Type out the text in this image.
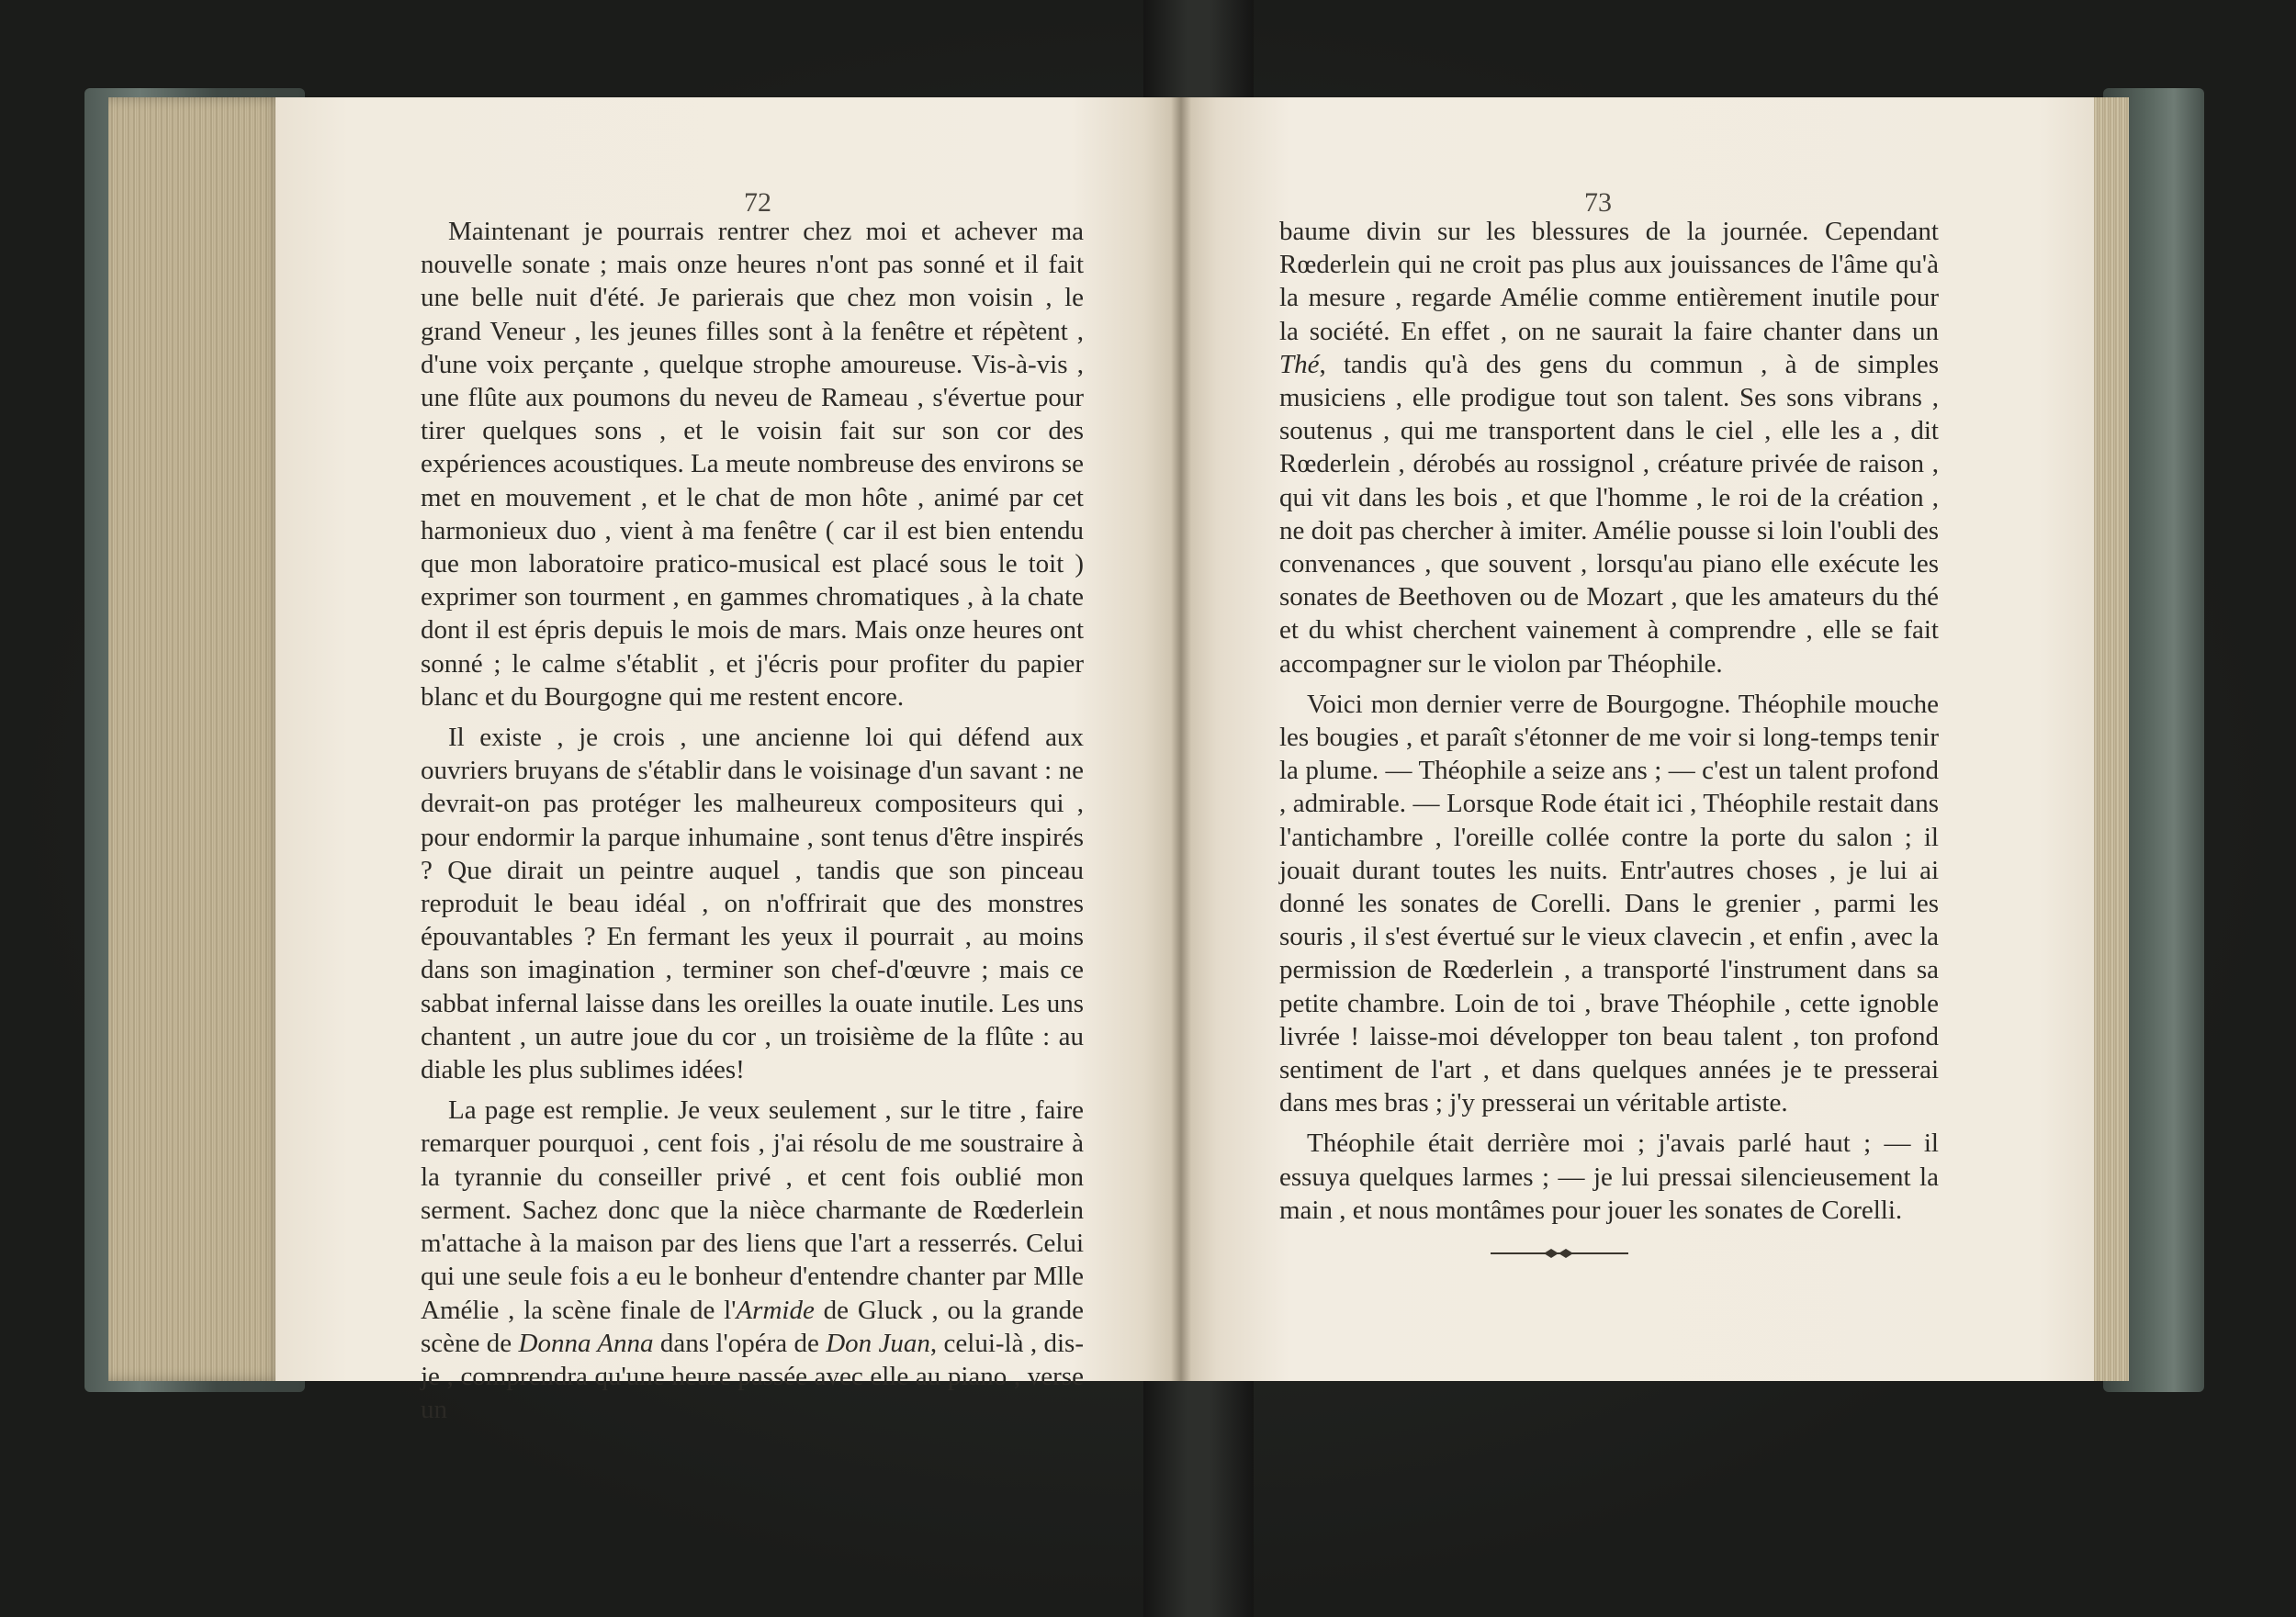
72

Maintenant je pourrais rentrer chez moi et achever ma nouvelle sonate ; mais onze heures n'ont pas sonné et il fait une belle nuit d'été. Je parierais que chez mon voisin , le grand Veneur , les jeunes filles sont à la fenêtre et répètent , d'une voix perçante , quelque strophe amoureuse. Vis-à-vis , une flûte aux poumons du neveu de Rameau , s'évertue pour tirer quelques sons , et le voisin fait sur son cor des expériences acoustiques. La meute nombreuse des environs se met en mouvement , et le chat de mon hôte , animé par cet harmonieux duo , vient à ma fenêtre ( car il est bien entendu que mon laboratoire pratico-musical est placé sous le toit ) exprimer son tourment , en gammes chromatiques , à la chate dont il est épris depuis le mois de mars. Mais onze heures ont sonné ; le calme s'établit , et j'écris pour profiter du papier blanc et du Bourgogne qui me restent encore.

Il existe , je crois , une ancienne loi qui défend aux ouvriers bruyans de s'établir dans le voisinage d'un savant : ne devrait-on pas protéger les malheureux compositeurs qui , pour endormir la parque inhumaine , sont tenus d'être inspirés ? Que dirait un peintre auquel , tandis que son pinceau reproduit le beau idéal , on n'offrirait que des monstres épouvantables ? En fermant les yeux il pourrait , au moins dans son imagination , terminer son chef-d'œuvre ; mais ce sabbat infernal laisse dans les oreilles la ouate inutile. Les uns chantent , un autre joue du cor , un troisième de la flûte : au diable les plus sublimes idées!

La page est remplie. Je veux seulement , sur le titre , faire remarquer pourquoi , cent fois , j'ai résolu de me soustraire à la tyrannie du conseiller privé , et cent fois oublié mon serment. Sachez donc que la nièce charmante de Rœderlein m'attache à la maison par des liens que l'art a resserrés. Celui qui une seule fois a eu le bonheur d'entendre chanter par Mlle Amélie , la scène finale de l'Armide de Gluck , ou la grande scène de Donna Anna dans l'opéra de Don Juan, celui-là , dis-je , comprendra qu'une heure passée avec elle au piano , verse un

73

baume divin sur les blessures de la journée. Cependant Rœderlein qui ne croit pas plus aux jouissances de l'âme qu'à la mesure , regarde Amélie comme entièrement inutile pour la société. En effet , on ne saurait la faire chanter dans un Thé, tandis qu'à des gens du commun , à de simples musiciens , elle prodigue tout son talent. Ses sons vibrans , soutenus , qui me transportent dans le ciel , elle les a , dit Rœderlein , dérobés au rossignol , créature privée de raison , qui vit dans les bois , et que l'homme , le roi de la création , ne doit pas chercher à imiter. Amélie pousse si loin l'oubli des convenances , que souvent , lorsqu'au piano elle exécute les sonates de Beethoven ou de Mozart , que les amateurs du thé et du whist cherchent vainement à comprendre , elle se fait accompagner sur le violon par Théophile.

Voici mon dernier verre de Bourgogne. Théophile mouche les bougies , et paraît s'étonner de me voir si long-temps tenir la plume. — Théophile a seize ans ; — c'est un talent profond , admirable. — Lorsque Rode était ici , Théophile restait dans l'antichambre , l'oreille collée contre la porte du salon ; il jouait durant toutes les nuits. Entr'autres choses , je lui ai donné les sonates de Corelli. Dans le grenier , parmi les souris , il s'est évertué sur le vieux clavecin , et enfin , avec la permission de Rœderlein , a transporté l'instrument dans sa petite chambre. Loin de toi , brave Théophile , cette ignoble livrée ! laisse-moi développer ton beau talent , ton profond sentiment de l'art , et dans quelques années je te presserai dans mes bras ; j'y presserai un véritable artiste.

Théophile était derrière moi ; j'avais parlé haut ; — il essuya quelques larmes ; — je lui pressai silencieusement la main , et nous montâmes pour jouer les sonates de Corelli.
